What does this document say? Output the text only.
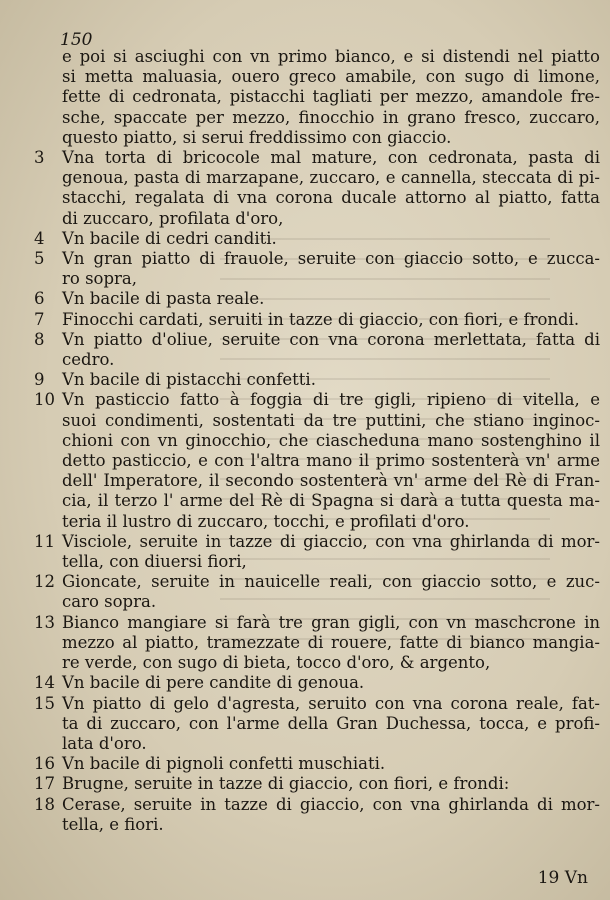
150
e poi si asciughi con vn primo bianco, e si distendi nel piatto
si metta maluasia, ouero greco amabile, con sugo di limone,
fette di cedronata, pistacchi tagliati per mezzo, amandole fre-
sche, spaccate per mezzo, finocchio in grano fresco, zuccaro,
questo piatto, si serui freddissimo con giaccio.
3	Vna torta di bricocole mal mature, con cedronata, pasta di
genoua, pasta di marzapane, zuccaro, e cannella, steccata di pi-
stacchi, regalata di vna corona ducale attorno al piatto, fatta
di zuccaro, profilata d'oro,
4	Vn bacile di cedri canditi.
5	Vn gran piatto di frauole, seruite con giaccio sotto, e zucca-
ro sopra,
6	Vn bacile di pasta reale.
7	Finocchi cardati, seruiti in tazze di giaccio, con fiori, e frondi.
8	Vn piatto d'oliue, seruite con vna corona merlettata, fatta di
cedro.
9	Vn bacile di pistacchi confetti.
10 Vn pasticcio fatto à foggia di tre gigli, ripieno di vitella, e
suoi condimenti, sostentati da tre puttini, che stiano inginoc-
chioni con vn ginocchio, che ciascheduna mano sostenghino il
detto pasticcio, e con l'altra mano il primo sostenterà vn' arme
dell' Imperatore, il secondo sostenterà vn' arme del Rè di Fran-
cia, il terzo l' arme del Rè di Spagna si darà a tutta questa ma-
teria il lustro di zuccaro, tocchi, e profilati d'oro.
11 Visciole, seruite in tazze di giaccio, con vna ghirlanda di mor-
tella, con diuersi fiori,
12 Gioncate, seruite in nauicelle reali, con giaccio sotto, e zuc-
caro sopra.
13 Bianco mangiare si farà tre gran gigli, con vn maschcrone in
mezzo al piatto, tramezzate di rouere, fatte di bianco mangia-
re verde, con sugo di bieta, tocco d'oro, & argento,
14 Vn bacile di pere candite di genoua.
15 Vn piatto di gelo d'agresta, seruito con vna corona reale, fat-
ta di zuccaro, con l'arme della Gran Duchessa, tocca, e profi-
lata d'oro.
16 Vn bacile di pignoli confetti muschiati.
17 Brugne, seruite in tazze di giaccio, con fiori, e frondi:
18 Cerase, seruite in tazze di giaccio, con vna ghirlanda di mor-
tella, e fiori.
19 Vn
